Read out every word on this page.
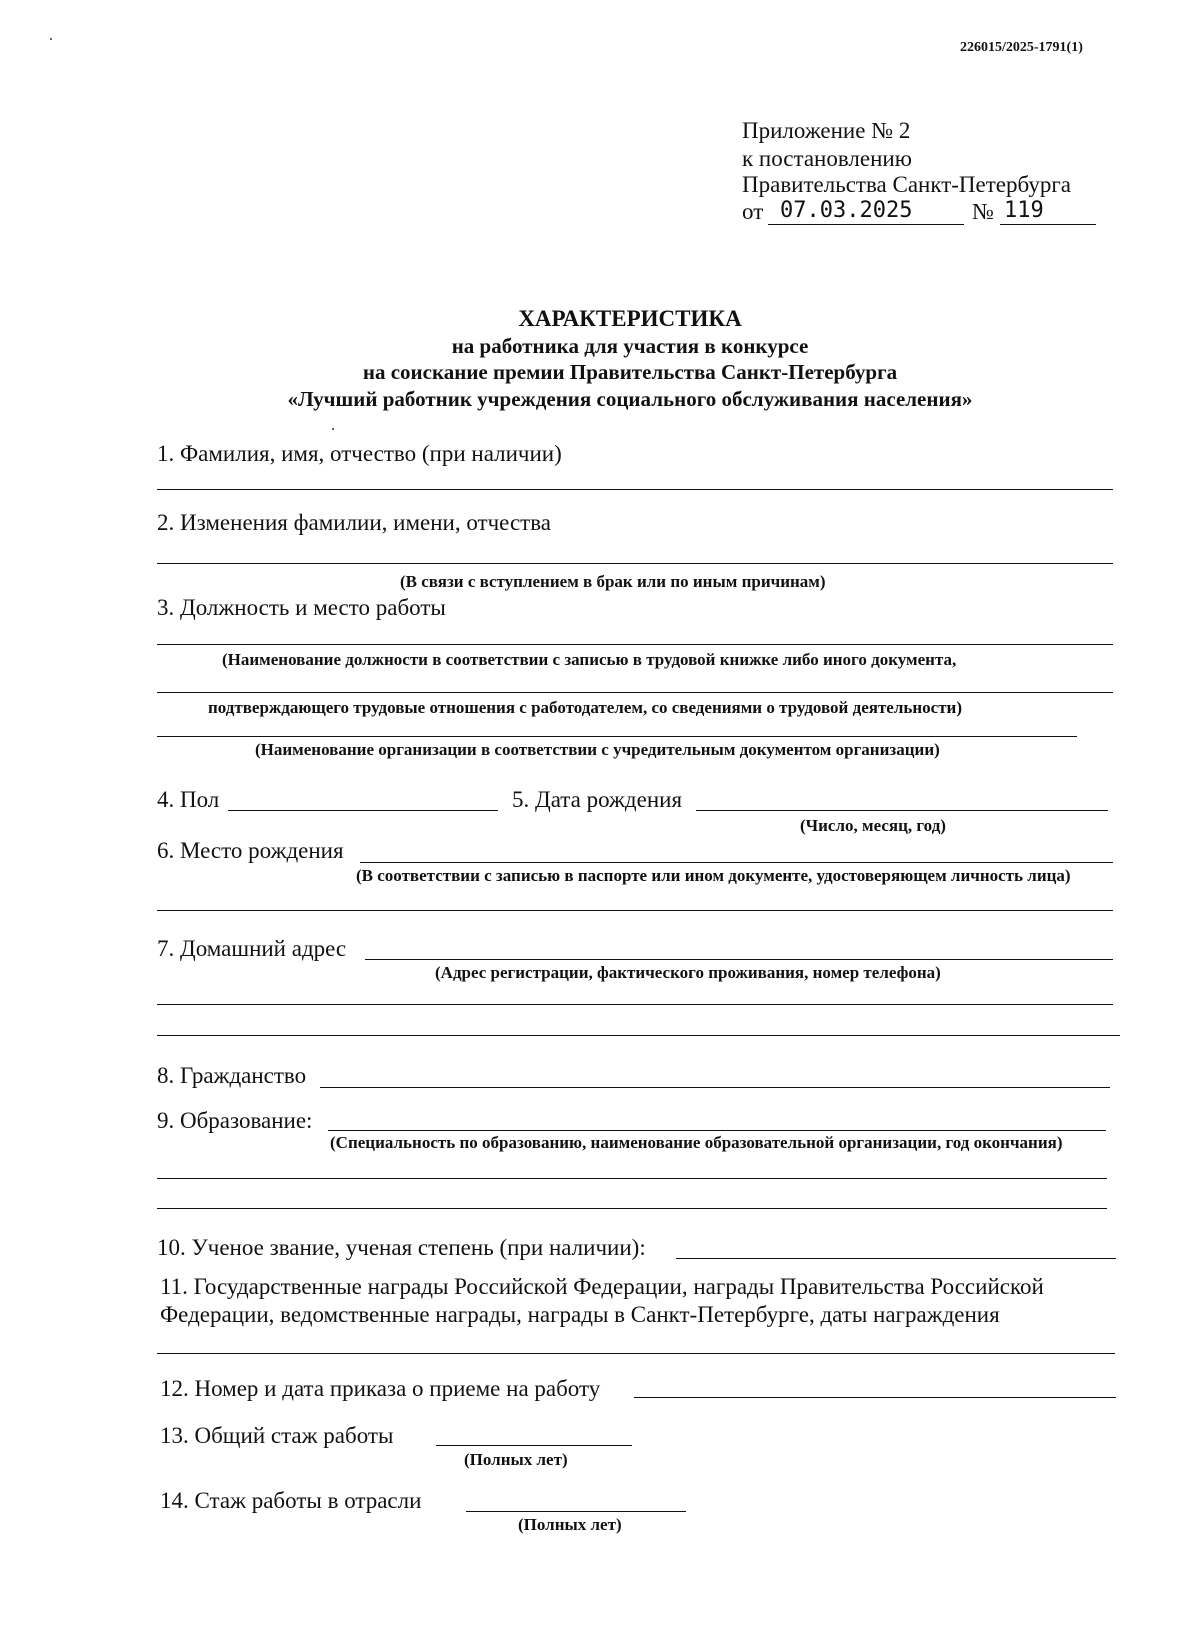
226015/2025-1791(1)
Приложение № 2
к постановлению
Правительства Санкт-Петербурга
от 07.03.2025	№ 119
ХАРАКТЕРИСТИКА
на работника для участия в конкурсе
на соискание премии Правительства Санкт-Петербурга
«Лучший работник учреждения социального обслуживания населения»
1. Фамилия, имя, отчество (при наличии)
2. Изменения фамилии, имени, отчества
(В связи с вступлением в брак или по иным причинам)
3. Должность и место работы
(Наименование должности в соответствии с записью в трудовой книжке либо иного документа,
подтверждающего трудовые отношения с работодателем, со сведениями о трудовой деятельности)
(Наименование организации в соответствии с учредительным документом организации)
4. Пол	5. Дата рождения
(Число, месяц, год)
6. Место рождения
(В соответствии с записью в паспорте или ином документе, удостоверяющем личность лица)
7. Домашний адрес
(Адрес регистрации, фактического проживания, номер телефона)
8. Гражданство
9. Образование:
(Специальность по образованию, наименование образовательной организации, год окончания)
10. Ученое звание, ученая степень (при наличии):
11. Государственные награды Российской Федерации, награды Правительства Российской
Федерации, ведомственные награды, награды в Санкт-Петербурге, даты награждения
12. Номер и дата приказа о приеме на работу
13. Общий стаж работы
(Полных лет)
14. Стаж работы в отрасли
(Полных лет)
